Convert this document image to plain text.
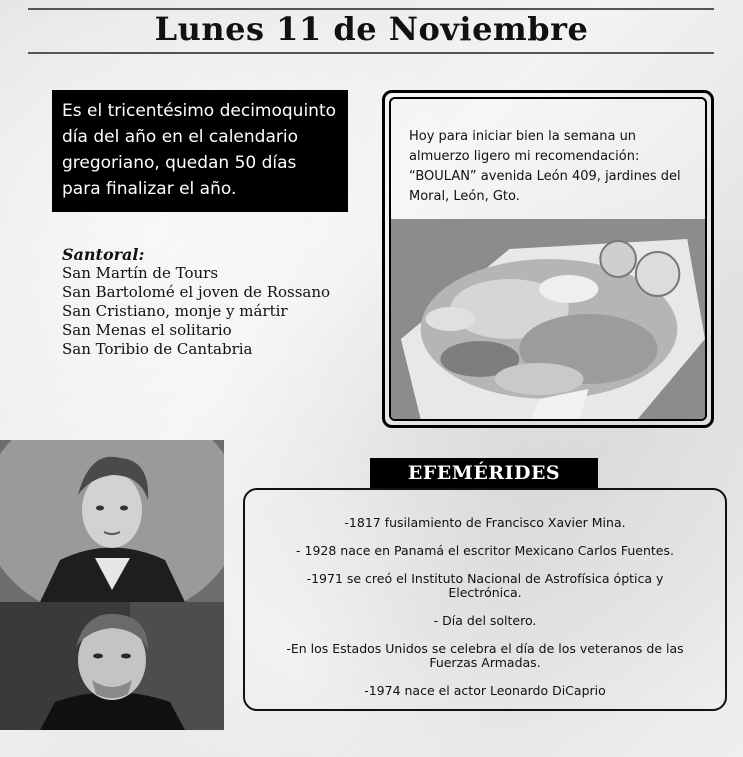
Lunes 11 de Noviembre

Es el tricentésimo decimoquinto día del año en el calendario gregoriano, quedan 50 días para finalizar el año.

Santoral:
San Martín de Tours
San Bartolomé el joven de Rossano
San Cristiano, monje y mártir
San Menas el solitario
San Toribio de Cantabria

Hoy para iniciar bien la semana un almuerzo ligero mi recomendación: “BOULAN” avenida León 409, jardines del Moral, León, Gto.

EFEMÉRIDES
-1817 fusilamiento de Francisco Xavier Mina.
- 1928 nace en Panamá el escritor Mexicano Carlos Fuentes.
-1971 se creó el Instituto Nacional de Astrofísica óptica y Electrónica.
- Día del soltero.
-En los Estados Unidos se celebra el día de los veteranos de las Fuerzas Armadas.
-1974 nace el actor Leonardo DiCaprio
